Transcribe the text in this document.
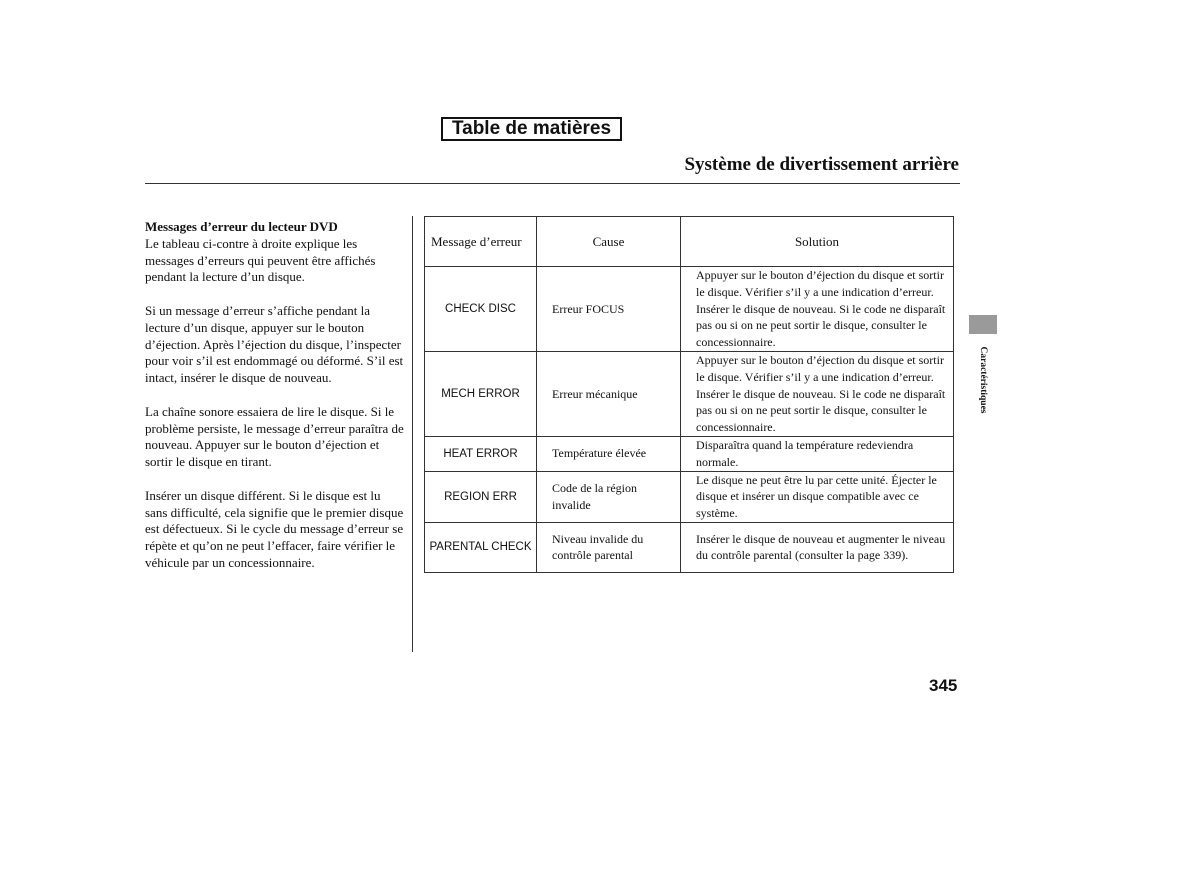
Table de matières
Système de divertissement arrière

Messages d’erreur du lecteur DVD

Le tableau ci-contre à droite explique les messages d’erreurs qui peuvent être affichés pendant la lecture d’un disque.

Si un message d’erreur s’affiche pendant la lecture d’un disque, appuyer sur le bouton d’éjection. Après l’éjection du disque, l’inspecter pour voir s’il est endommagé ou déformé. S’il est intact, insérer le disque de nouveau.

La chaîne sonore essaiera de lire le disque. Si le problème persiste, le message d’erreur paraîtra de nouveau. Appuyer sur le bouton d’éjection et sortir le disque en tirant.

Insérer un disque différent. Si le disque est lu sans difficulté, cela signifie que le premier disque est défectueux. Si le cycle du message d’erreur se répète et qu’on ne peut l’effacer, faire vérifier le véhicule par un concessionnaire.

Message d’erreur	Cause	Solution
CHECK DISC	Erreur FOCUS	Appuyer sur le bouton d’éjection du disque et sortir le disque. Vérifier s’il y a une indication d’erreur. Insérer le disque de nouveau. Si le code ne disparaît pas ou si on ne peut sortir le disque, consulter le concessionnaire.
MECH ERROR	Erreur mécanique	Appuyer sur le bouton d’éjection du disque et sortir le disque. Vérifier s’il y a une indication d’erreur. Insérer le disque de nouveau. Si le code ne disparaît pas ou si on ne peut sortir le disque, consulter le concessionnaire.
HEAT ERROR	Température élevée	Disparaîtra quand la température redeviendra normale.
REGION ERR	Code de la région invalide	Le disque ne peut être lu par cette unité. Éjecter le disque et insérer un disque compatible avec ce système.
PARENTAL CHECK	Niveau invalide du contrôle parental	Insérer le disque de nouveau et augmenter le niveau du contrôle parental (consulter la page 339).
Caractéristiques
345
